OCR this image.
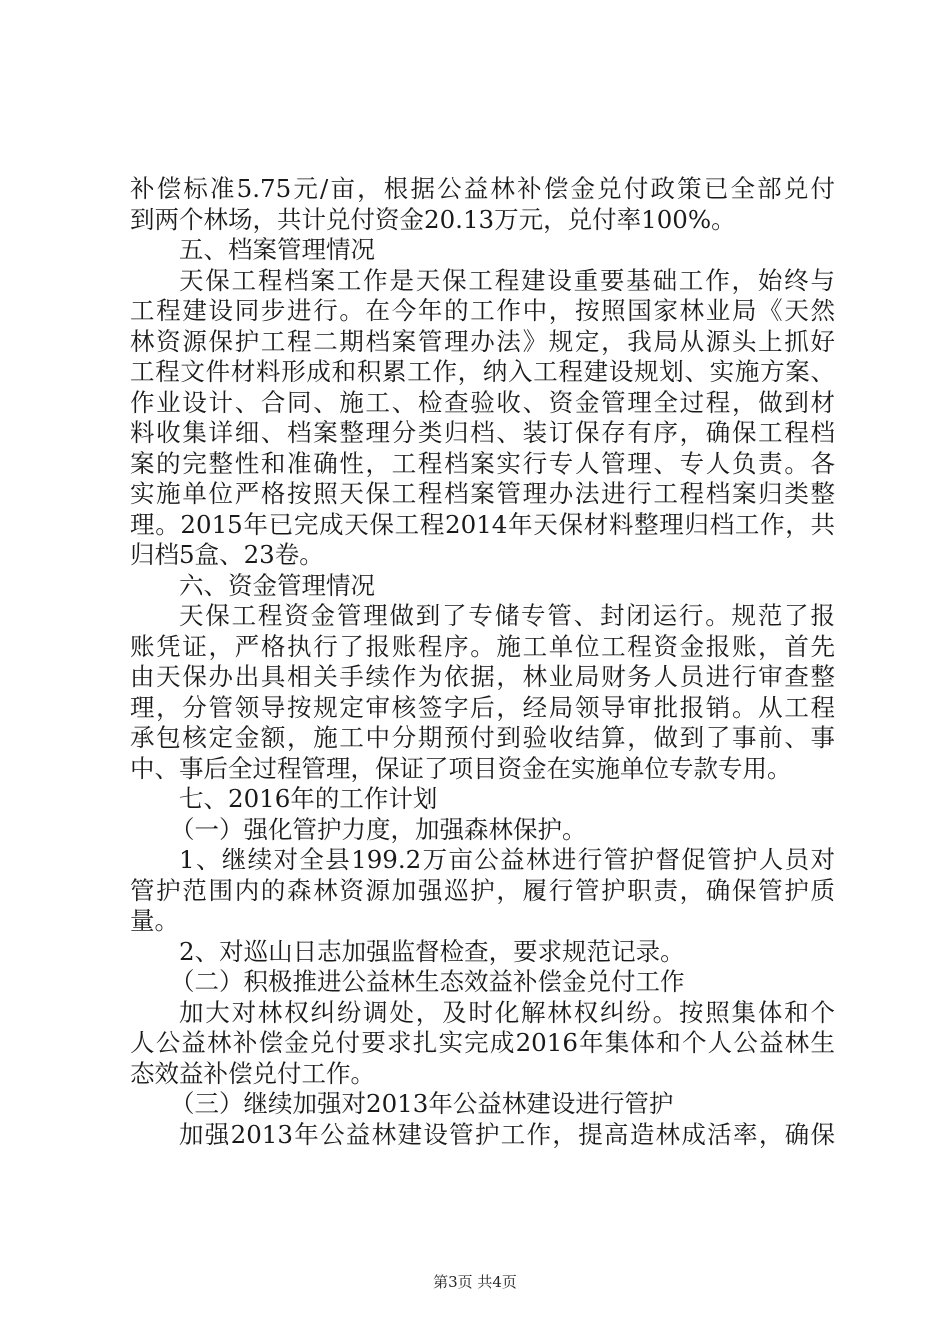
补偿标准5.75元/亩，根据公益林补偿金兑付政策已全部兑付
到两个林场，共计兑付资金20.13万元，兑付率100%。
五、档案管理情况
天保工程档案工作是天保工程建设重要基础工作，始终与
工程建设同步进行。在今年的工作中，按照国家林业局《天然
林资源保护工程二期档案管理办法》规定，我局从源头上抓好
工程文件材料形成和积累工作，纳入工程建设规划、实施方案、
作业设计、合同、施工、检查验收、资金管理全过程，做到材
料收集详细、档案整理分类归档、装订保存有序，确保工程档
案的完整性和准确性，工程档案实行专人管理、专人负责。各
实施单位严格按照天保工程档案管理办法进行工程档案归类整
理。2015年已完成天保工程2014年天保材料整理归档工作，共
归档5盒、23卷。
六、资金管理情况
天保工程资金管理做到了专储专管、封闭运行。规范了报
账凭证，严格执行了报账程序。施工单位工程资金报账，首先
由天保办出具相关手续作为依据，林业局财务人员进行审查整
理，分管领导按规定审核签字后，经局领导审批报销。从工程
承包核定金额，施工中分期预付到验收结算，做到了事前、事
中、事后全过程管理，保证了项目资金在实施单位专款专用。
七、2016年的工作计划
（一）强化管护力度，加强森林保护。
1、继续对全县199.2万亩公益林进行管护督促管护人员对
管护范围内的森林资源加强巡护，履行管护职责，确保管护质
量。
2、对巡山日志加强监督检查，要求规范记录。
（二）积极推进公益林生态效益补偿金兑付工作
加大对林权纠纷调处，及时化解林权纠纷。按照集体和个
人公益林补偿金兑付要求扎实完成2016年集体和个人公益林生
态效益补偿兑付工作。
（三）继续加强对2013年公益林建设进行管护
加强2013年公益林建设管护工作，提高造林成活率，确保
第3页 共4页
